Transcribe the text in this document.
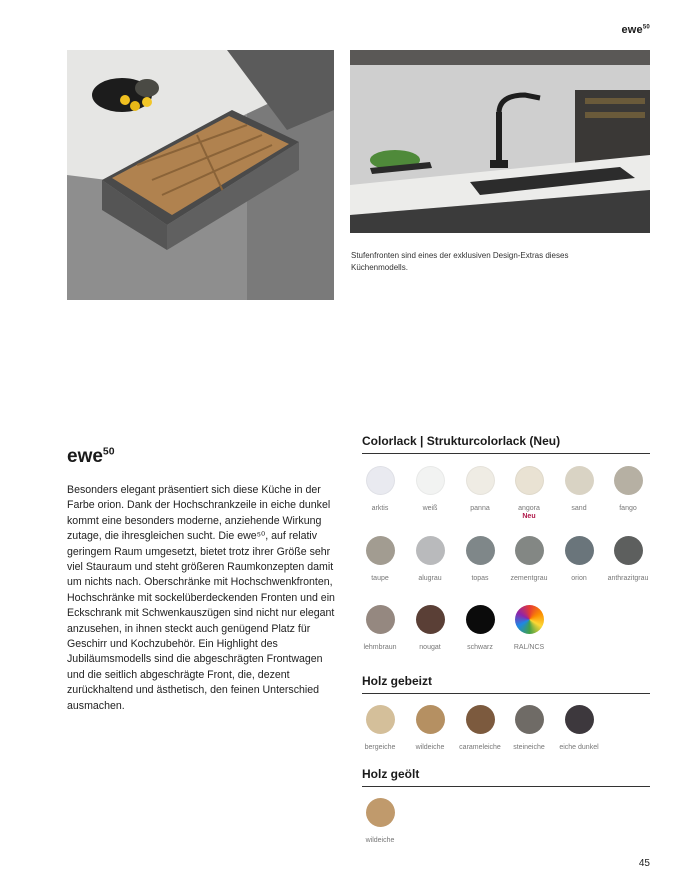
ewe$^{50}$
Stufenfronten sind eines der exklusiven Design-Extras dieses Küchenmodells.
ewe$^{50}$

Besonders elegant präsentiert sich diese Küche in der Farbe orion. Dank der Hochschrankzeile in eiche dunkel kommt eine besonders moderne, anziehende Wirkung zutage, die ihresgleichen sucht. Die ewe⁵⁰, auf relativ geringem Raum umgesetzt, bietet trotz ihrer Größe sehr viel Stauraum und steht größeren Raumkonzepten damit um nichts nach. Oberschränke mit Hochschwenkfronten, Hochschränke mit sockelüberdeckenden Fronten und ein Eckschrank mit Schwenkauszügen sind nicht nur elegant anzusehen, in ihnen steckt auch genügend Platz für Geschirr und Kochzubehör. Ein Highlight des Jubiläumsmodells sind die abgeschrägten Frontwagen und die seitlich abgeschrägte Front, die, dezent zurückhaltend und ästhetisch, den feinen Unterschied ausmachen.

Colorlack | Strukturcolorlack (Neu)
Holz gebeizt
Holz geölt
arktis	weiß	panna	angora
Neu
sand	fango
taupe	alugrau	topas	zementgrau	orion	anthrazitgrau
lehmbraun	nougat	schwarz	RAL/NCS
bergeiche	wildeiche	carameleiche	steineiche	eiche dunkel
wildeiche
45
